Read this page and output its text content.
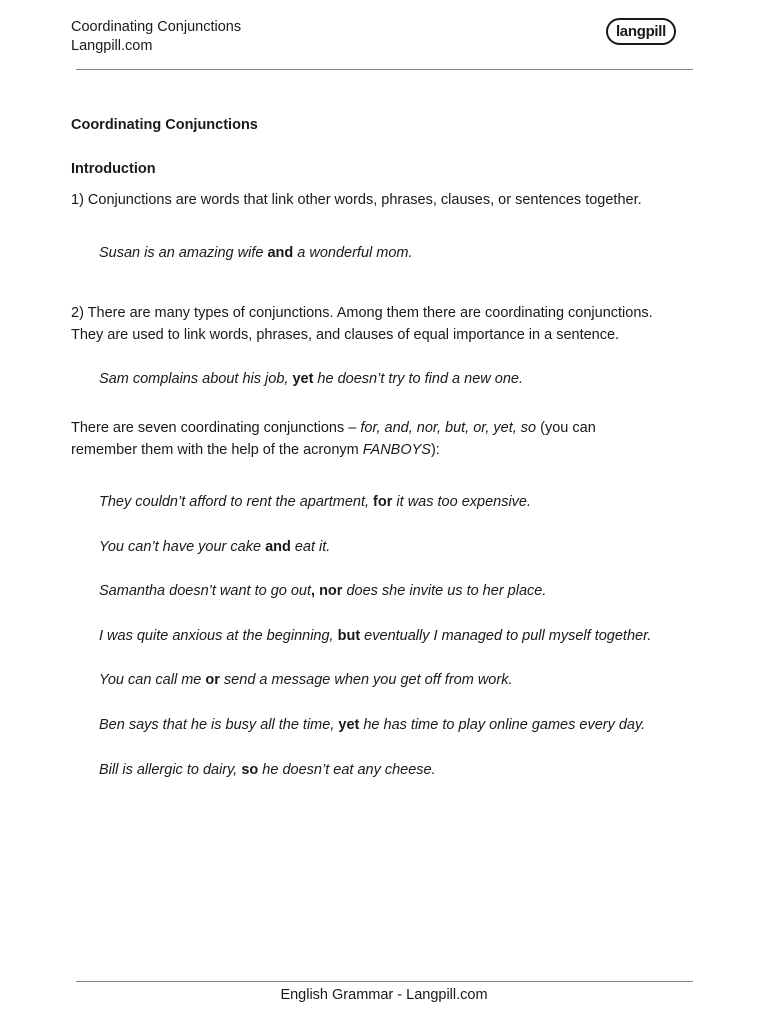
Coordinating Conjunctions
Langpill.com
langpill
Coordinating Conjunctions
Introduction
1) Conjunctions are words that link other words, phrases, clauses, or sentences together.
Susan is an amazing wife and a wonderful mom.
2) There are many types of conjunctions. Among them there are coordinating conjunctions.
They are used to link words, phrases, and clauses of equal importance in a sentence.
Sam complains about his job, yet he doesn’t try to find a new one.
There are seven coordinating conjunctions – for, and, nor, but, or, yet, so (you can
remember them with the help of the acronym FANBOYS):
They couldn’t afford to rent the apartment, for it was too expensive.
You can’t have your cake and eat it.
Samantha doesn’t want to go out, nor does she invite us to her place.
I was quite anxious at the beginning, but eventually I managed to pull myself together.
You can call me or send a message when you get off from work.
Ben says that he is busy all the time, yet he has time to play online games every day.
Bill is allergic to dairy, so he doesn’t eat any cheese.
English Grammar - Langpill.com
